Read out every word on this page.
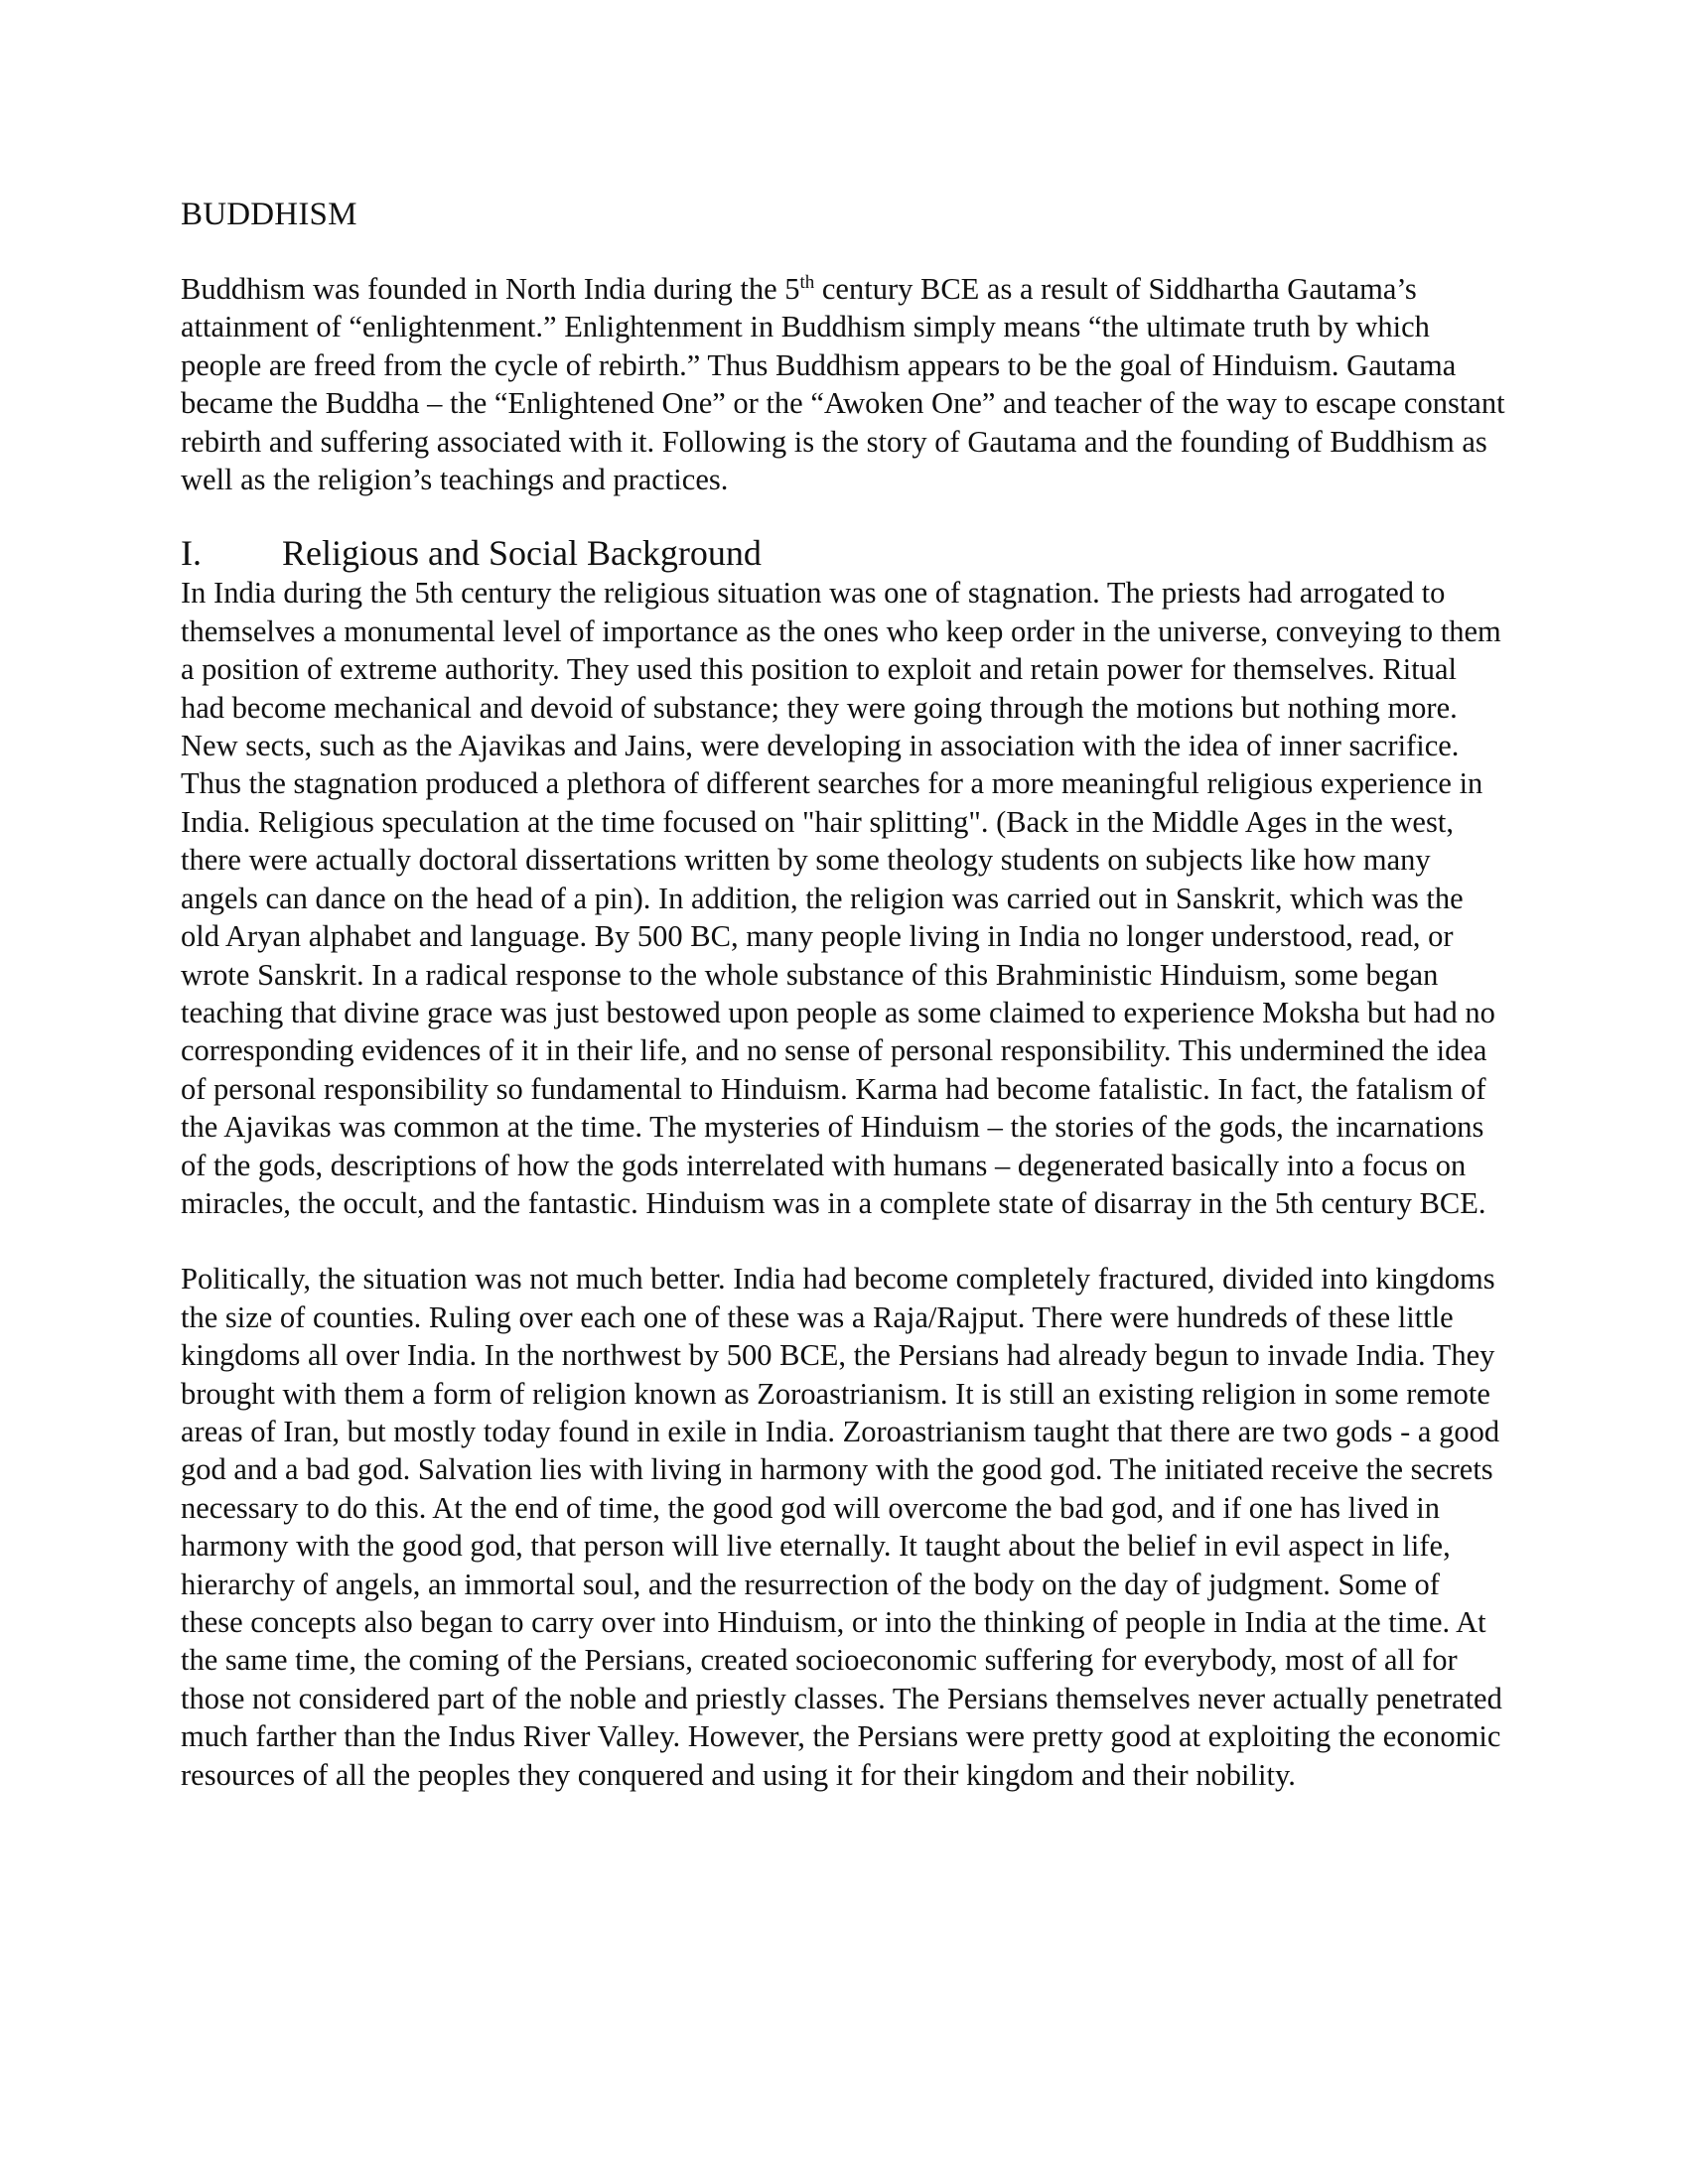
BUDDHISM

Buddhism was founded in North India during the 5th century BCE as a result of Siddhartha Gautama’s attainment of “enlightenment.” Enlightenment in Buddhism simply means “the ultimate truth by which people are freed from the cycle of rebirth.” Thus Buddhism appears to be the goal of Hinduism. Gautama became the Buddha – the “Enlightened One” or the “Awoken One” and teacher of the way to escape constant rebirth and suffering associated with it. Following is the story of Gautama and the founding of Buddhism as well as the religion’s teachings and practices.

I.	Religious and Social Background

In India during the 5th century the religious situation was one of stagnation. The priests had arrogated to themselves a monumental level of importance as the ones who keep order in the universe, conveying to them a position of extreme authority. They used this position to exploit and retain power for themselves. Ritual had become mechanical and devoid of substance; they were going through the motions but nothing more. New sects, such as the Ajavikas and Jains, were developing in association with the idea of inner sacrifice. Thus the stagnation produced a plethora of different searches for a more meaningful religious experience in India. Religious speculation at the time focused on "hair splitting". (Back in the Middle Ages in the west, there were actually doctoral dissertations written by some theology students on subjects like how many angels can dance on the head of a pin). In addition, the religion was carried out in Sanskrit, which was the old Aryan alphabet and language. By 500 BC, many people living in India no longer understood, read, or wrote Sanskrit. In a radical response to the whole substance of this Brahministic Hinduism, some began teaching that divine grace was just bestowed upon people as some claimed to experience Moksha but had no corresponding evidences of it in their life, and no sense of personal responsibility. This undermined the idea of personal responsibility so fundamental to Hinduism. Karma had become fatalistic. In fact, the fatalism of the Ajavikas was common at the time. The mysteries of Hinduism – the stories of the gods, the incarnations of the gods, descriptions of how the gods interrelated with humans – degenerated basically into a focus on miracles, the occult, and the fantastic. Hinduism was in a complete state of disarray in the 5th century BCE.

Politically, the situation was not much better. India had become completely fractured, divided into kingdoms the size of counties. Ruling over each one of these was a Raja/Rajput. There were hundreds of these little kingdoms all over India. In the northwest by 500 BCE, the Persians had already begun to invade India. They brought with them a form of religion known as Zoroastrianism. It is still an existing religion in some remote areas of Iran, but mostly today found in exile in India. Zoroastrianism taught that there are two gods - a good god and a bad god. Salvation lies with living in harmony with the good god. The initiated receive the secrets necessary to do this. At the end of time, the good god will overcome the bad god, and if one has lived in harmony with the good god, that person will live eternally. It taught about the belief in evil aspect in life, hierarchy of angels, an immortal soul, and the resurrection of the body on the day of judgment. Some of these concepts also began to carry over into Hinduism, or into the thinking of people in India at the time. At the same time, the coming of the Persians, created socioeconomic suffering for everybody, most of all for those not considered part of the noble and priestly classes. The Persians themselves never actually penetrated much farther than the Indus River Valley. However, the Persians were pretty good at exploiting the economic resources of all the peoples they conquered and using it for their kingdom and their nobility.
